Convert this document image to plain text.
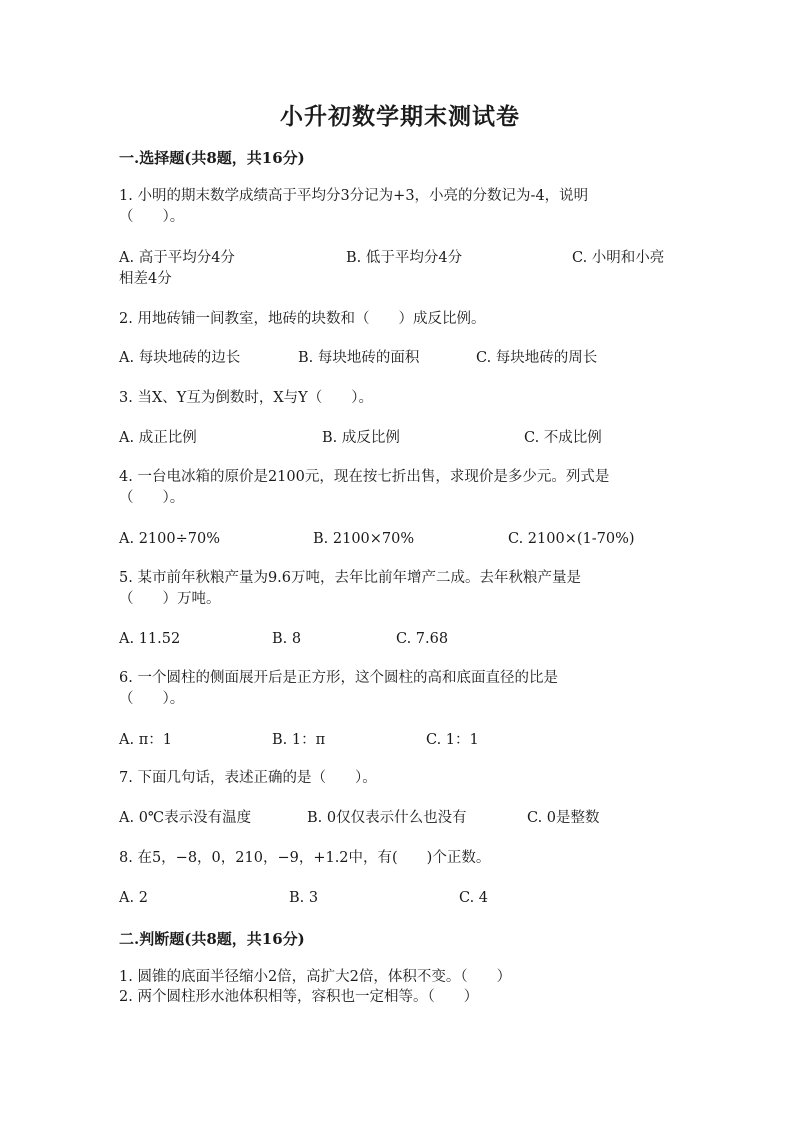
小升初数学期末测试卷
一.选择题(共8题，共16分)
1. 小明的期末数学成绩高于平均分3分记为+3，小亮的分数记为-4，说明
（　　）。
A. 高于平均分4分	B. 低于平均分4分	C. 小明和小亮
相差4分
2. 用地砖铺一间教室，地砖的块数和（　　）成反比例。
A. 每块地砖的边长	B. 每块地砖的面积	C. 每块地砖的周长
3. 当X、Y互为倒数时，X与Y（　　）。
A. 成正比例	B. 成反比例	C. 不成比例
4. 一台电冰箱的原价是2100元，现在按七折出售，求现价是多少元。列式是
（　　）。
A. 2100÷70%	B. 2100×70%	C. 2100×(1-70%)
5. 某市前年秋粮产量为9.6万吨，去年比前年增产二成。去年秋粮产量是
（　　）万吨。
A. 11.52	B. 8	C. 7.68
6. 一个圆柱的侧面展开后是正方形，这个圆柱的高和底面直径的比是
（　　）。
A. π：1	B. 1：π	C. 1：1
7. 下面几句话，表述正确的是（　　）。
A. 0℃表示没有温度	B. 0仅仅表示什么也没有	C. 0是整数
8. 在5，−8，0，210，−9，+1.2中，有(　　)个正数。
A. 2	B. 3	C. 4
二.判断题(共8题，共16分)
1. 圆锥的底面半径缩小2倍，高扩大2倍，体积不变。（　　）
2. 两个圆柱形水池体积相等，容积也一定相等。（　　）
